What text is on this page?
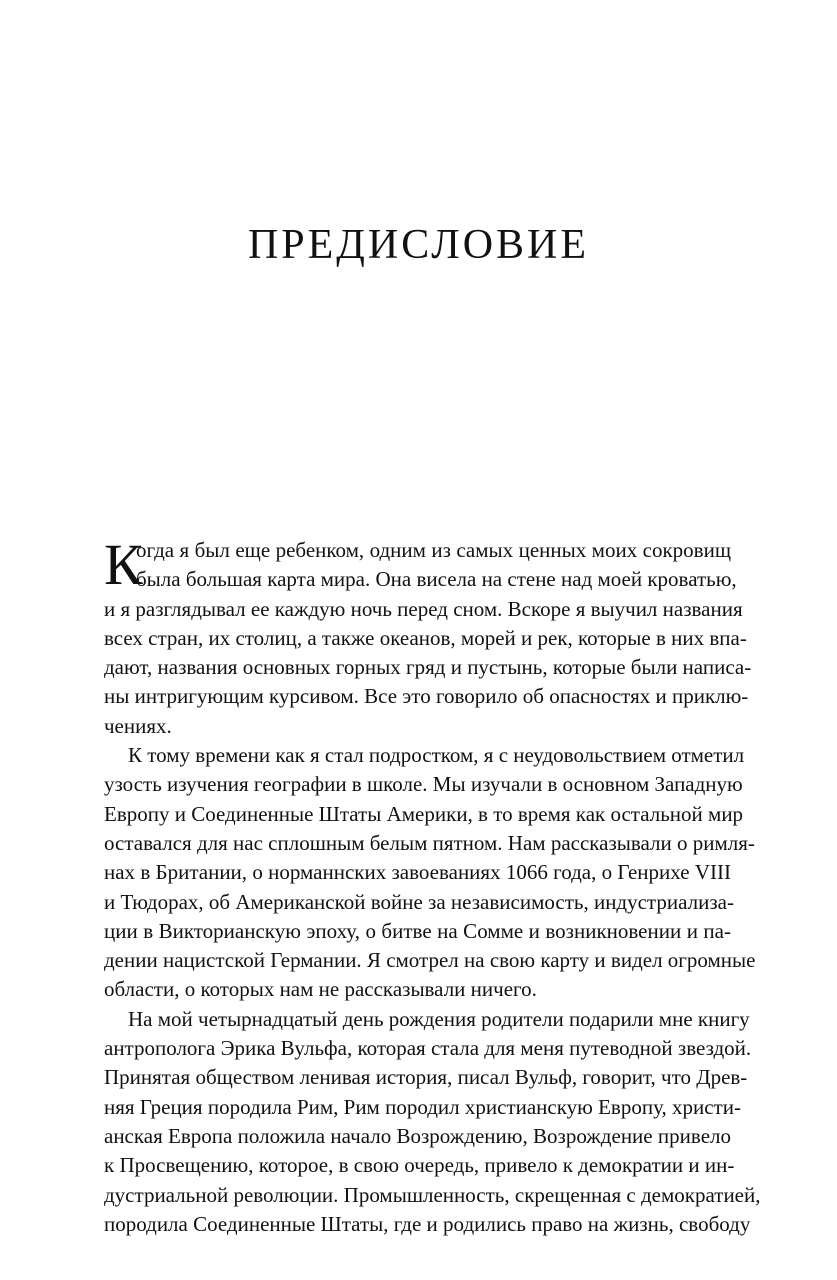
ПРЕДИСЛОВИЕ
К
огда я был еще ребенком, одним из самых ценных моих сокровищ
была большая карта мира. Она висела на стене над моей кроватью,
и я разглядывал ее каждую ночь перед сном. Вскоре я выучил названия
всех стран, их столиц, а также океанов, морей и рек, которые в них впа-
дают, названия основных горных гряд и пустынь, которые были написа-
ны интригующим курсивом. Все это говорило об опасностях и приклю-
чениях.
К тому времени как я стал подростком, я с неудовольствием отметил
узость изучения географии в школе. Мы изучали в основном Западную
Европу и Соединенные Штаты Америки, в то время как остальной мир
оставался для нас сплошным белым пятном. Нам рассказывали о римля-
нах в Британии, о норманнских завоеваниях 1066 года, о Генрихе VIII
и Тюдорах, об Американской войне за независимость, индустриализа-
ции в Викторианскую эпоху, о битве на Сомме и возникновении и па-
дении нацистской Германии. Я смотрел на свою карту и видел огромные
области, о которых нам не рассказывали ничего.
На мой четырнадцатый день рождения родители подарили мне книгу
антрополога Эрика Вульфа, которая стала для меня путеводной звездой.
Принятая обществом ленивая история, писал Вульф, говорит, что Древ-
няя Греция породила Рим, Рим породил христианскую Европу, христи-
анская Европа положила начало Возрождению, Возрождение привело
к Просвещению, которое, в свою очередь, привело к демократии и ин-
дустриальной революции. Промышленность, скрещенная с демократией,
породила Соединенные Штаты, где и родились право на жизнь, свободу
